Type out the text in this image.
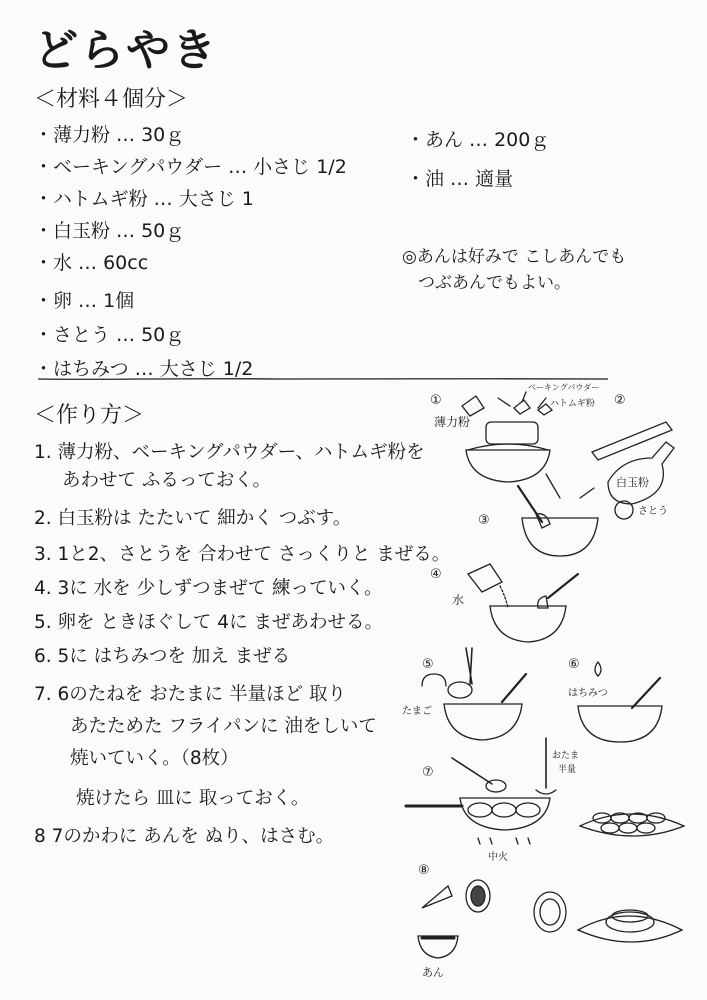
どらやき
＜材料４個分＞
・薄力粉 … 30ｇ
・ベーキングパウダー … 小さじ 1/2
・ハトムギ粉 … 大さじ 1
・白玉粉 … 50ｇ
・水 … 60cc
・卵 … 1個
・さとう … 50ｇ
・はちみつ … 大さじ 1/2
・あん … 200ｇ
・油 … 適量
◎あんは好みで こしあんでも
つぶあんでもよい。
＜作り方＞
1. 薄力粉、ベーキングパウダー、ハトムギ粉を
あわせて ふるっておく。
2. 白玉粉は たたいて 細かく つぶす。
3. 1と2、さとうを 合わせて さっくりと まぜる。
4. 3に 水を 少しずつまぜて 練っていく。
5. 卵を ときほぐして 4に まぜあわせる。
6. 5に はちみつを 加え まぜる
7. 6のたねを おたまに 半量ほど 取り
あたためた フライパンに 油をしいて
焼いていく。（8枚）
焼けたら 皿に 取っておく。
8 7のかわに あんを ぬり、はさむ。
①
薄力粉
ベーキングパウダー
ハトムギ粉 ②
白玉粉
③
さとう
④
水
⑤
たまご
⑥
はちみつ
⑦
おたま
半量
中火
⑧
あん
